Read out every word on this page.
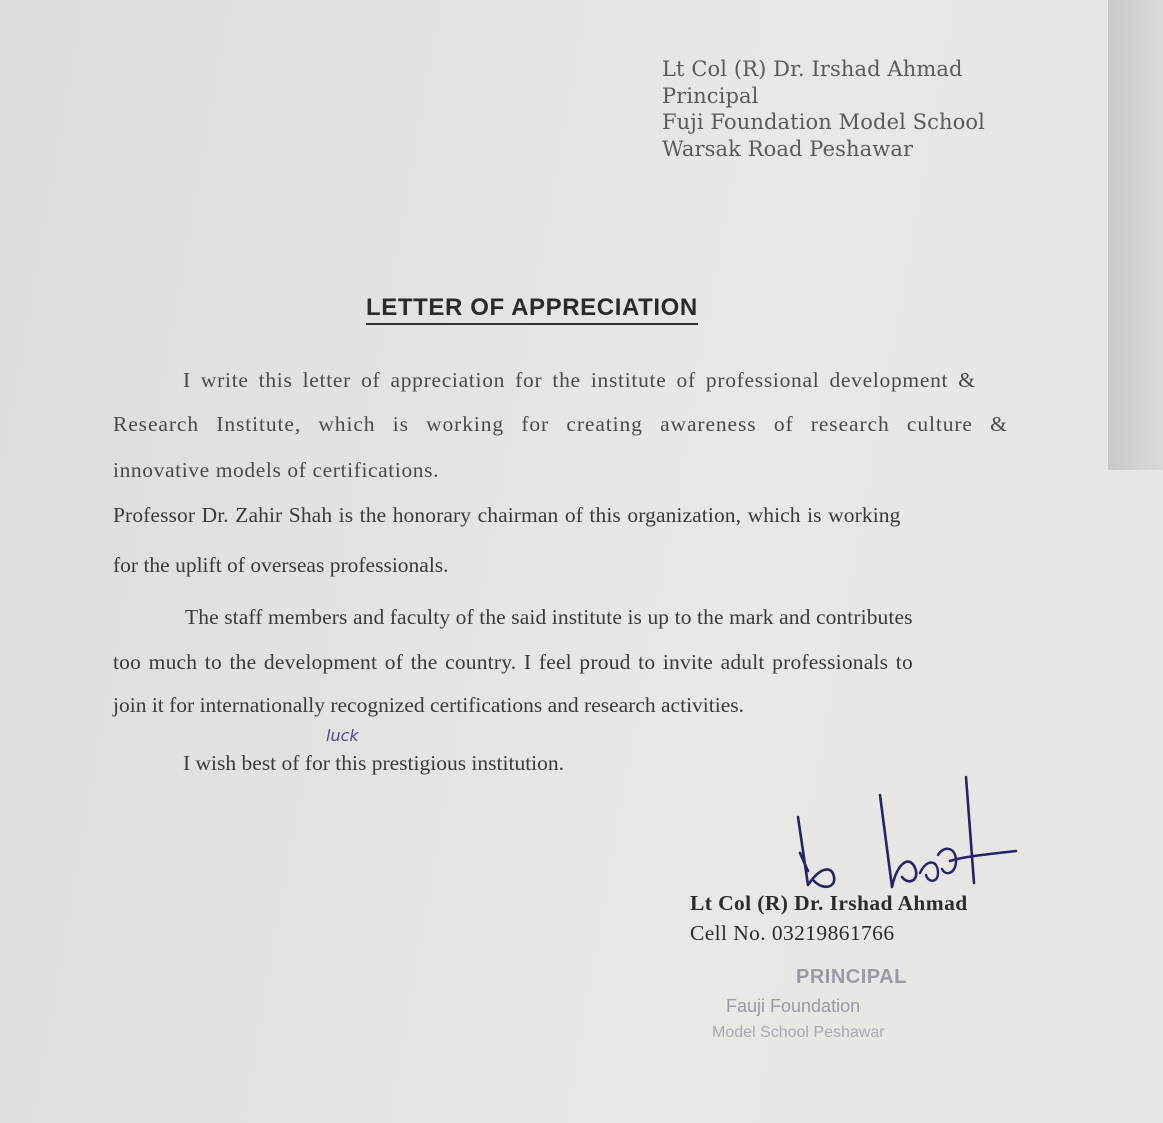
Lt Col (R) Dr. Irshad Ahmad
Principal
Fuji Foundation Model School
Warsak Road Peshawar
LETTER OF APPRECIATION
I write this letter of appreciation for the institute of professional development &
Research Institute, which is working for creating awareness of research culture &
innovative models of certifications.
Professor Dr. Zahir Shah is the honorary chairman of this organization, which is working
for the uplift of overseas professionals.
The staff members and faculty of the said institute is up to the mark and contributes
too much to the development of the country. I feel proud to invite adult professionals to
join it for internationally recognized certifications and research activities.
luck
I wish best of for this prestigious institution.
Lt Col (R) Dr. Irshad Ahmad
Cell No. 03219861766
PRINCIPAL
Fauji Foundation
Model School Peshawar
